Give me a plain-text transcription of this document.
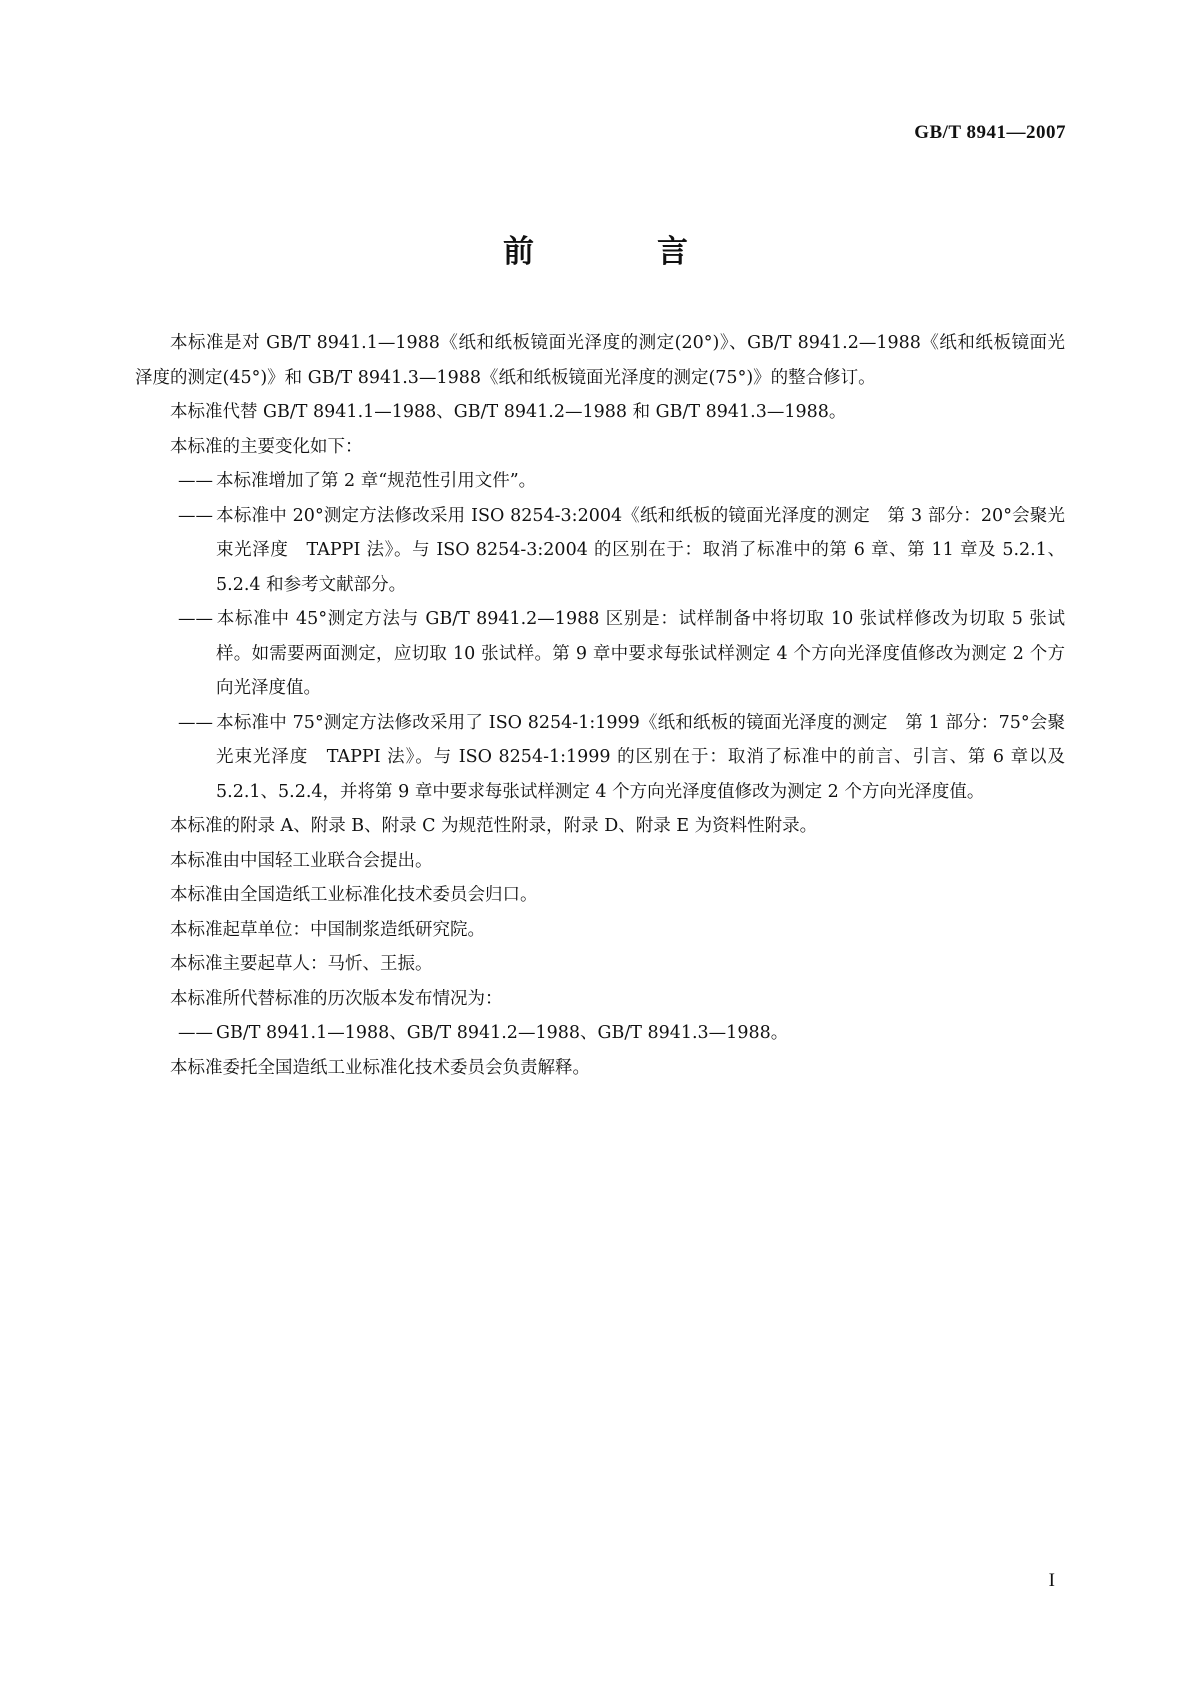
GB/T 8941—2007
前　言

本标准是对 GB/T 8941.1—1988《纸和纸板镜面光泽度的测定(20°)》、GB/T 8941.2—1988《纸和纸板镜面光泽度的测定(45°)》和 GB/T 8941.3—1988《纸和纸板镜面光泽度的测定(75°)》的整合修订。

本标准代替 GB/T 8941.1—1988、GB/T 8941.2—1988 和 GB/T 8941.3—1988。

本标准的主要变化如下：

—— 本标准增加了第 2 章“规范性引用文件”。

—— 本标准中 20°测定方法修改采用 ISO 8254-3:2004《纸和纸板的镜面光泽度的测定　第 3 部分：20°会聚光束光泽度　TAPPI 法》。与 ISO 8254-3:2004 的区别在于：取消了标准中的第 6 章、第 11 章及 5.2.1、5.2.4 和参考文献部分。

—— 本标准中 45°测定方法与 GB/T 8941.2—1988 区别是：试样制备中将切取 10 张试样修改为切取 5 张试样。如需要两面测定，应切取 10 张试样。第 9 章中要求每张试样测定 4 个方向光泽度值修改为测定 2 个方向光泽度值。

—— 本标准中 75°测定方法修改采用了 ISO 8254-1:1999《纸和纸板的镜面光泽度的测定　第 1 部分：75°会聚光束光泽度　TAPPI 法》。与 ISO 8254-1:1999 的区别在于：取消了标准中的前言、引言、第 6 章以及 5.2.1、5.2.4，并将第 9 章中要求每张试样测定 4 个方向光泽度值修改为测定 2 个方向光泽度值。

本标准的附录 A、附录 B、附录 C 为规范性附录，附录 D、附录 E 为资料性附录。

本标准由中国轻工业联合会提出。

本标准由全国造纸工业标准化技术委员会归口。

本标准起草单位：中国制浆造纸研究院。

本标准主要起草人：马忻、王振。

本标准所代替标准的历次版本发布情况为：

—— GB/T 8941.1—1988、GB/T 8941.2—1988、GB/T 8941.3—1988。

本标准委托全国造纸工业标准化技术委员会负责解释。

I
